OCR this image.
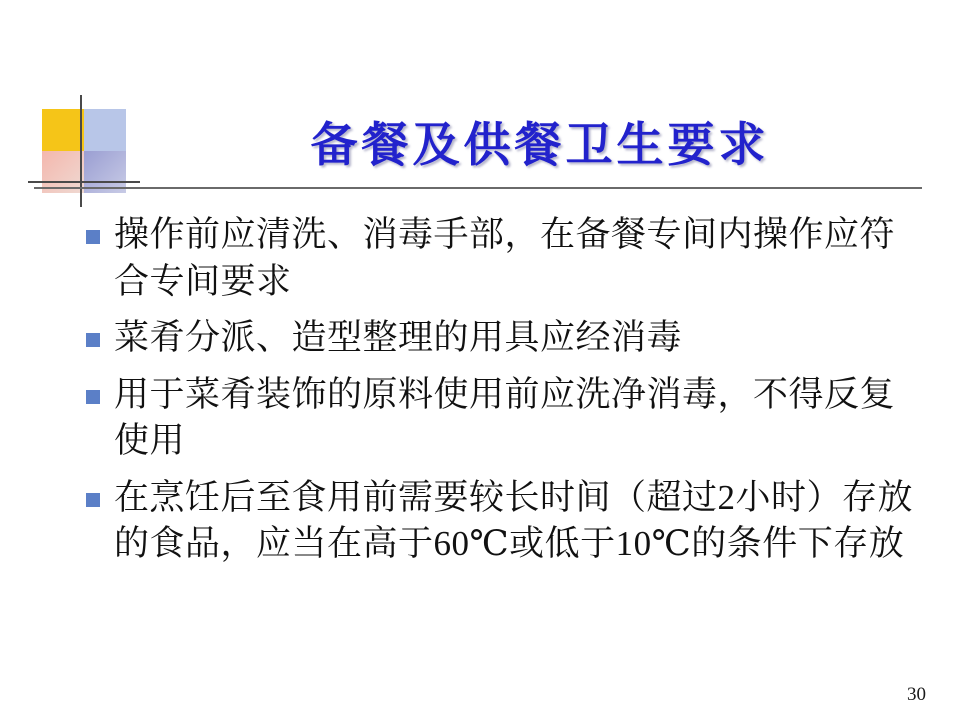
备餐及供餐卫生要求
操作前应清洗、消毒手部，在备餐专间内操作应符合专间要求
菜肴分派、造型整理的用具应经消毒
用于菜肴装饰的原料使用前应洗净消毒，不得反复使用
在烹饪后至食用前需要较长时间（超过2小时）存放的食品，应当在高于60℃或低于10℃的条件下存放
30
